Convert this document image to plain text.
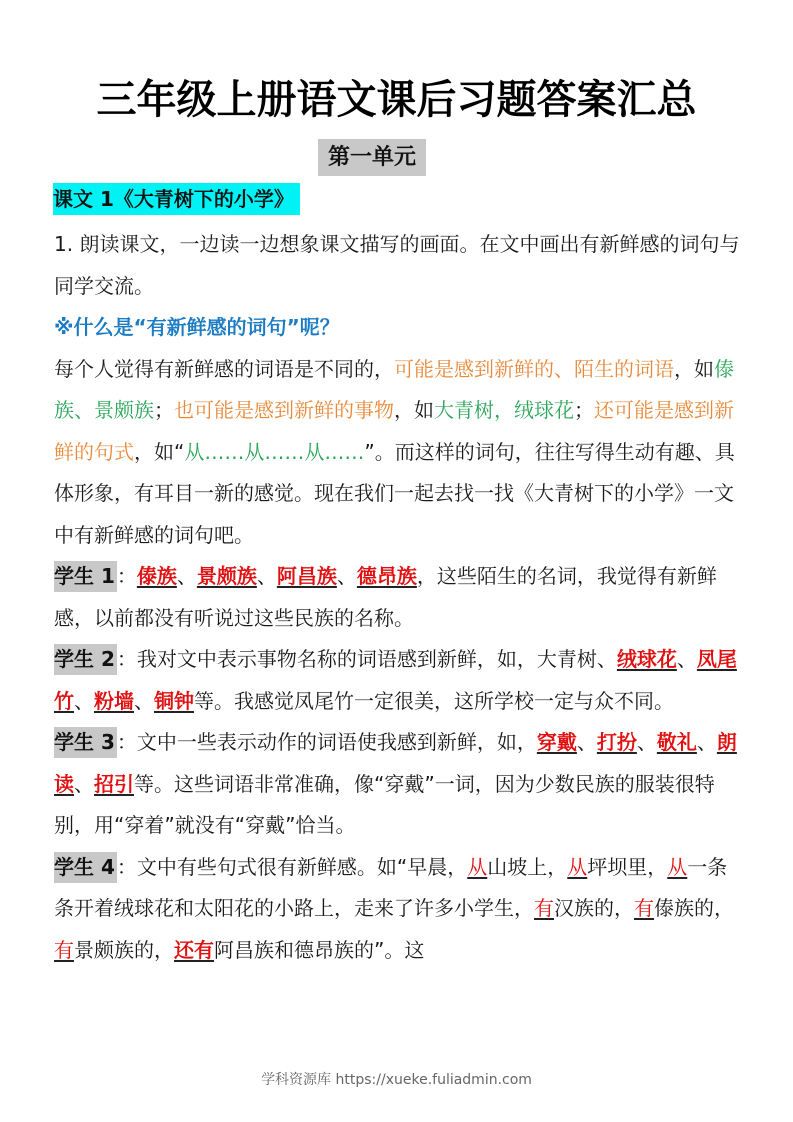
三年级上册语文课后习题答案汇总
第一单元
课文 1《大青树下的小学》

1. 朗读课文，一边读一边想象课文描写的画面。在文中画出有新鲜感的词句与同学交流。

※什么是“有新鲜感的词句”呢？

每个人觉得有新鲜感的词语是不同的，可能是感到新鲜的、陌生的词语，如傣族、景颇族；也可能是感到新鲜的事物，如大青树，绒球花；还可能是感到新鲜的句式，如“从……从……从……”。而这样的词句，往往写得生动有趣、具体形象，有耳目一新的感觉。现在我们一起去找一找《大青树下的小学》一文中有新鲜感的词句吧。

学生 1 ：傣族、景颇族、阿昌族、德昂族，这些陌生的名词，我觉得有新鲜感，以前都没有听说过这些民族的名称。

学生 2 ：我对文中表示事物名称的词语感到新鲜，如，大青树、绒球花、凤尾竹、粉墙、铜钟等。我感觉凤尾竹一定很美，这所学校一定与众不同。

学生 3 ：文中一些表示动作的词语使我感到新鲜，如，穿戴、打扮、敬礼、朗读、招引等。这些词语非常准确，像“穿戴”一词，因为少数民族的服装很特别，用“穿着”就没有“穿戴”恰当。

学生 4 ：文中有些句式很有新鲜感。如“早晨，从山坡上，从坪坝里，从一条条开着绒球花和太阳花的小路上，走来了许多小学生，有汉族的，有傣族的，有景颇族的，还有阿昌族和德昂族的”。这

学科资源库 https://xueke.fuliadmin.com
